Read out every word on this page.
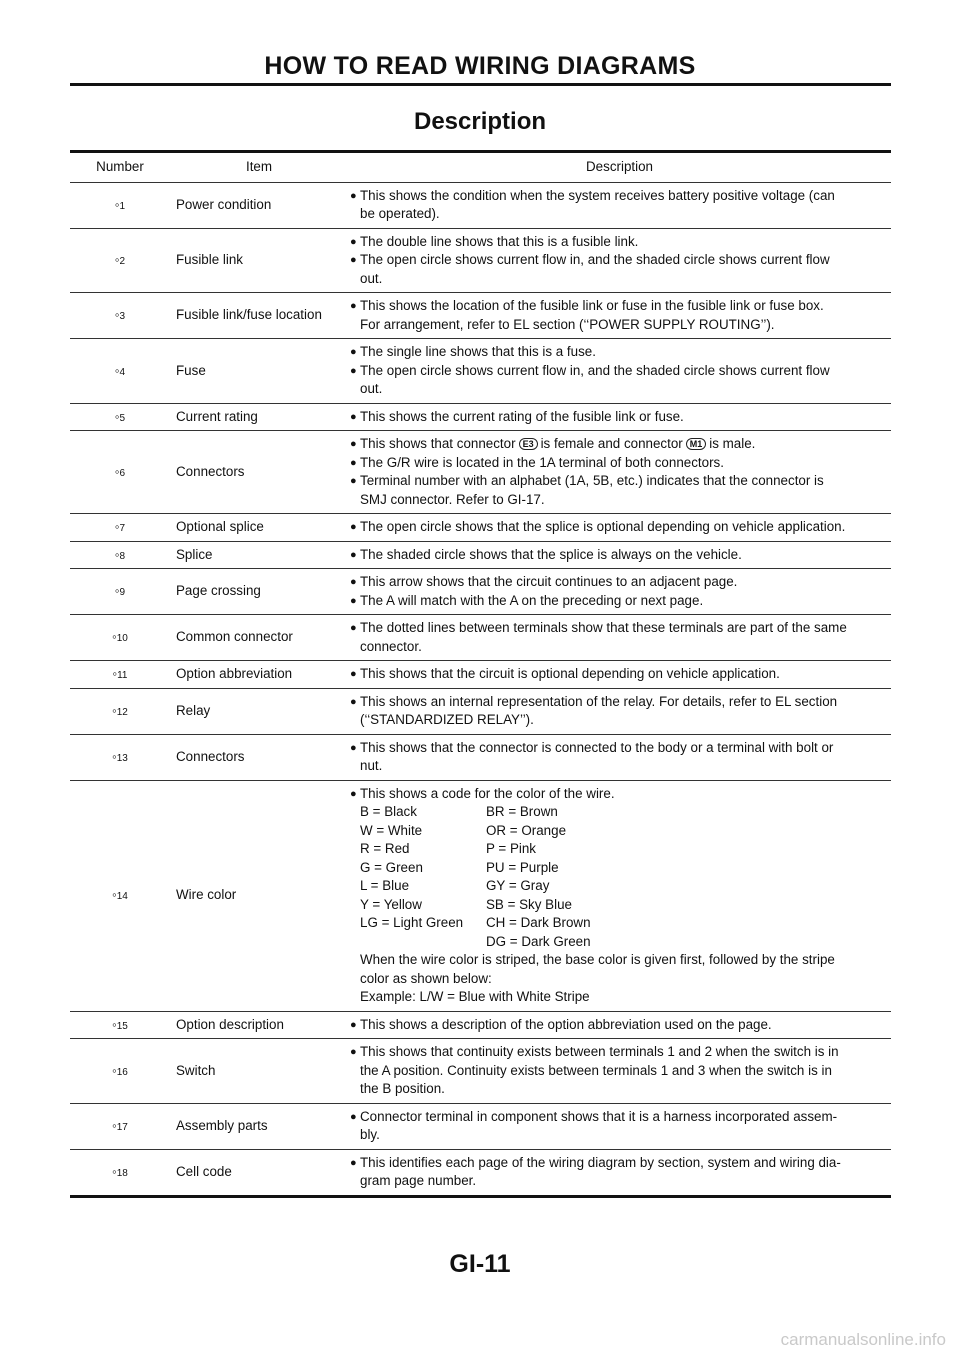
HOW TO READ WIRING DIAGRAMS
Description
Number	Item	Description
◦ 1	Power condition
● This shows the condition when the system receives battery positive voltage (can
be operated).
◦ 2	Fusible link
● The double line shows that this is a fusible link.
● The open circle shows current flow in, and the shaded circle shows current flow
out.
◦ 3	Fusible link/fuse location
● This shows the location of the fusible link or fuse in the fusible link or fuse box.
For arrangement, refer to EL section (‘‘POWER SUPPLY ROUTING’’).
◦ 4	Fuse
● The single line shows that this is a fuse.
● The open circle shows current flow in, and the shaded circle shows current flow
out.
◦ 5	Current rating	● This shows the current rating of the fusible link or fuse.
◦ 6	Connectors
● This shows that connector E3 is female and connector M1 is male.
● The G/R wire is located in the 1A terminal of both connectors.
● Terminal number with an alphabet (1A, 5B, etc.) indicates that the connector is
SMJ connector. Refer to GI-17.
◦ 7	Optional splice	● The open circle shows that the splice is optional depending on vehicle application.
◦ 8	Splice	● The shaded circle shows that the splice is always on the vehicle.
◦ 9	Page crossing
● This arrow shows that the circuit continues to an adjacent page.
● The A will match with the A on the preceding or next page.
◦ 10	Common connector
● The dotted lines between terminals show that these terminals are part of the same
connector.
◦ 11	Option abbreviation	● This shows that the circuit is optional depending on vehicle application.
◦ 12	Relay
● This shows an internal representation of the relay. For details, refer to EL section
(‘‘STANDARDIZED RELAY’’).
◦ 13	Connectors
● This shows that the connector is connected to the body or a terminal with bolt or
nut.
◦ 14	Wire color
● This shows a code for the color of the wire.
B = Black	BR = Brown
W = White	OR = Orange
R = Red	P = Pink
G = Green	PU = Purple
L = Blue	GY = Gray
Y = Yellow	SB = Sky Blue
LG = Light Green	CH = Dark Brown

DG = Dark Green
When the wire color is striped, the base color is given first, followed by the stripe
color as shown below:
Example: L/W = Blue with White Stripe
◦ 15	Option description	● This shows a description of the option abbreviation used on the page.
◦ 16	Switch
● This shows that continuity exists between terminals 1 and 2 when the switch is in
the A position. Continuity exists between terminals 1 and 3 when the switch is in
the B position.
◦ 17	Assembly parts
● Connector terminal in component shows that it is a harness incorporated assem-
bly.
◦ 18	Cell code
● This identifies each page of the wiring diagram by section, system and wiring dia-
gram page number.
GI-11
carmanualsonline.info
